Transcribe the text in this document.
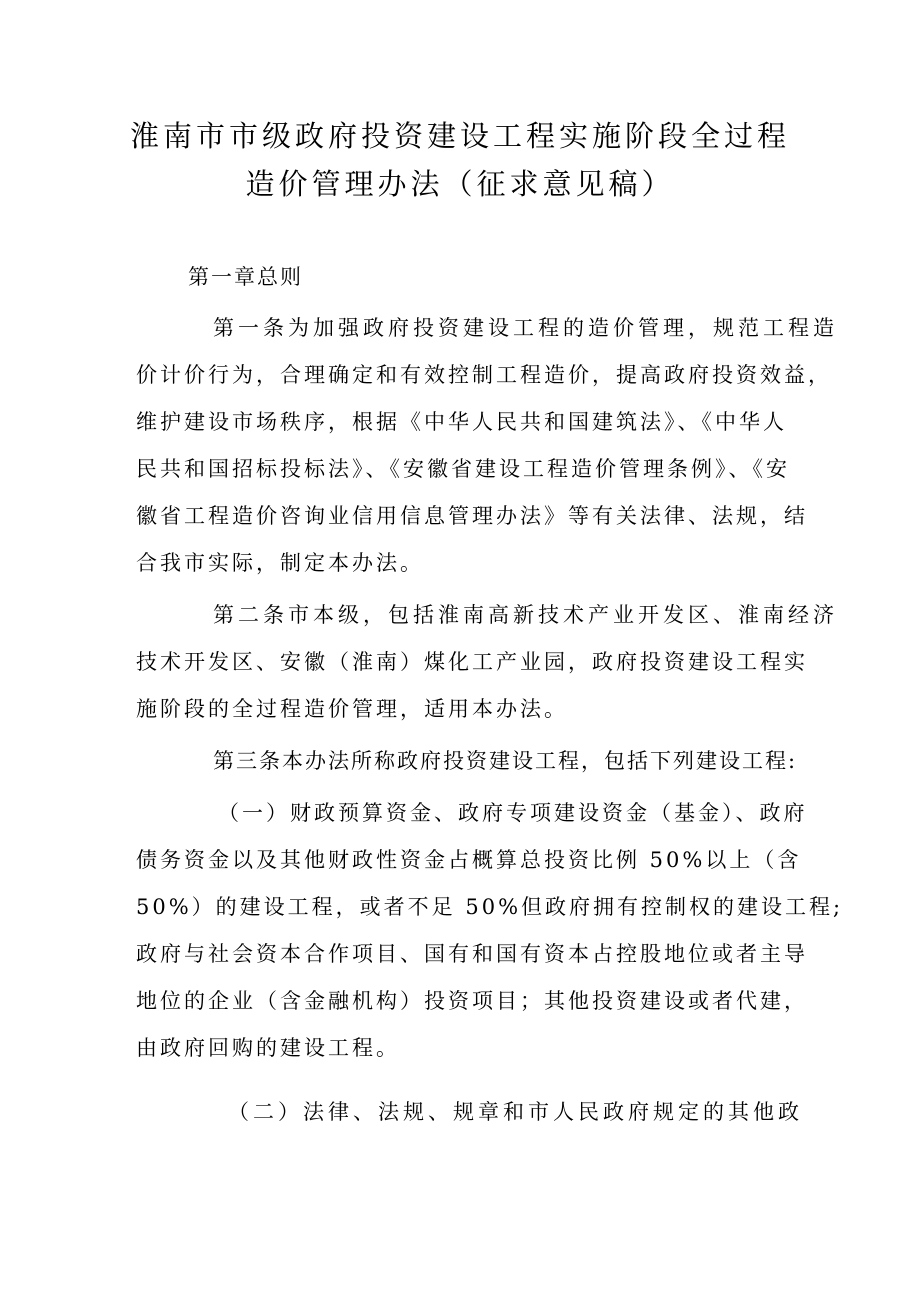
淮南市市级政府投资建设工程实施阶段全过程
造价管理办法（征求意见稿）
第一章总则
第一条为加强政府投资建设工程的造价管理，规范工程造
价计价行为，合理确定和有效控制工程造价，提高政府投资效益，
维护建设市场秩序，根据《中华人民共和国建筑法》、《中华人
民共和国招标投标法》、《安徽省建设工程造价管理条例》、《安
徽省工程造价咨询业信用信息管理办法》等有关法律、法规，结
合我市实际，制定本办法。
第二条市本级，包括淮南高新技术产业开发区、淮南经济
技术开发区、安徽（淮南）煤化工产业园，政府投资建设工程实
施阶段的全过程造价管理，适用本办法。
第三条本办法所称政府投资建设工程，包括下列建设工程:
（一）财政预算资金、政府专项建设资金（基金）、政府
债务资金以及其他财政性资金占概算总投资比例 50%以上（含
50%）的建设工程，或者不足 50%但政府拥有控制权的建设工程;
政府与社会资本合作项目、国有和国有资本占控股地位或者主导
地位的企业（含金融机构）投资项目；其他投资建设或者代建，
由政府回购的建设工程。
（二）法律、法规、规章和市人民政府规定的其他政
